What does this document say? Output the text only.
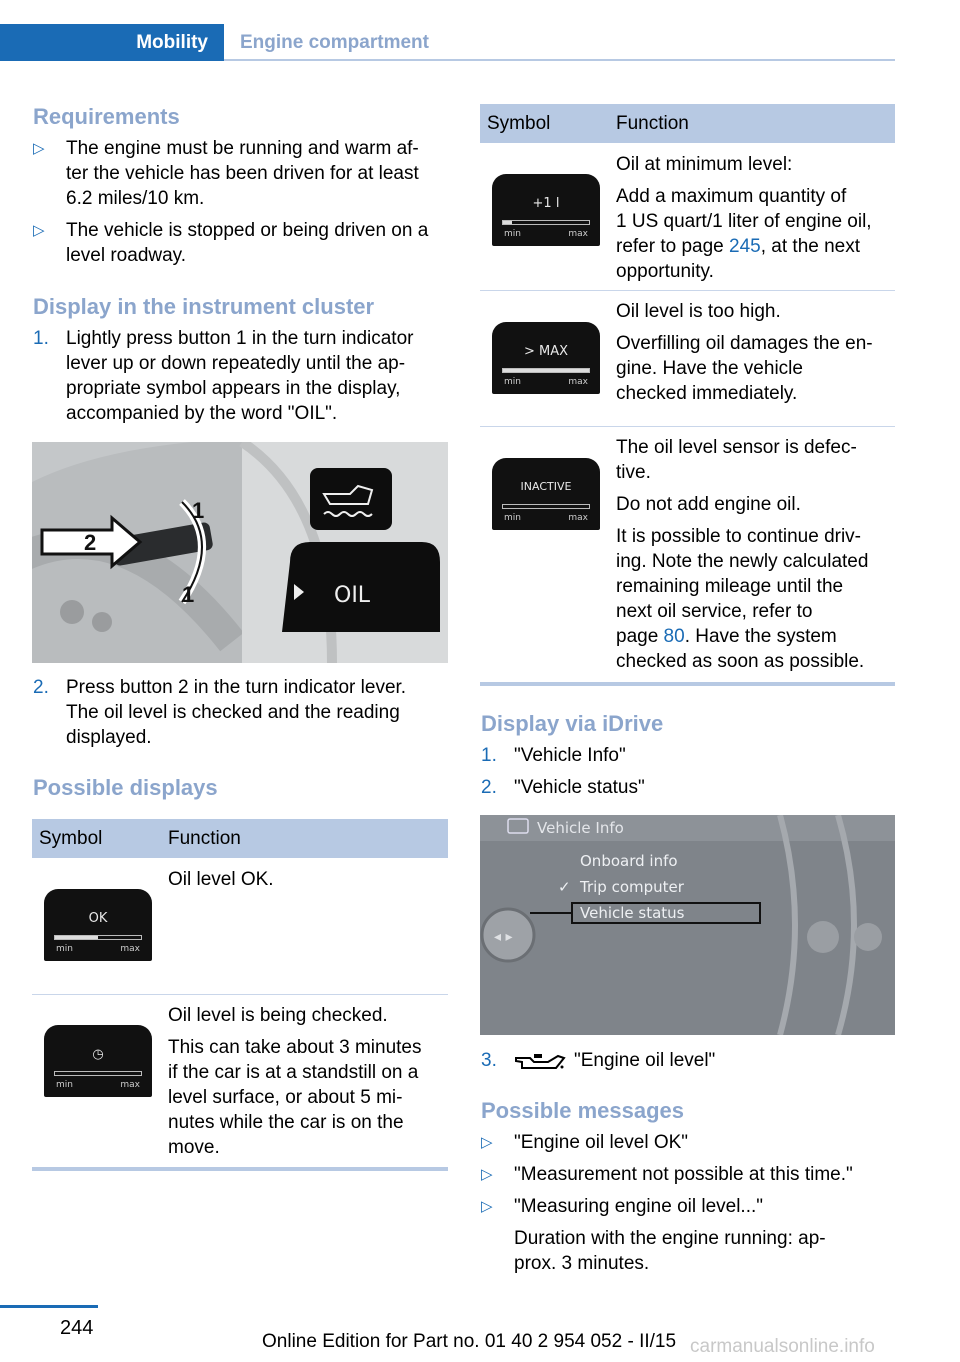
Mobility	Engine compartment
Requirements
▷ The engine must be running and warm af-
ter the vehicle has been driven for at least
6.2 miles/10 km.
▷ The vehicle is stopped or being driven on a
level roadway.
Display in the instrument cluster
1. Lightly press button 1 in the turn indicator
lever up or down repeatedly until the ap-
propriate symbol appears in the display,
accompanied by the word "OIL".
2
1
1	OIL
2. Press button 2 in the turn indicator lever.
The oil level is checked and the reading
displayed.
Possible displays
Symbol	Function
OK
min	max

Oil level OK.

◷
min	max

Oil level is being checked.

This can take about 3 minutes
if the car is at a standstill on a
level surface, or about 5 mi-
nutes while the car is on the
move.

Symbol	Function
+1 l
min	max

Oil at minimum level:

Add a maximum quantity of
1 US quart/1 liter of engine oil,
refer to page 245, at the next
opportunity.

> MAX
min	max

Oil level is too high.

Overfilling oil damages the en-
gine. Have the vehicle
checked immediately.

INACTIVE
min	max

The oil level sensor is defec-
tive.

Do not add engine oil.

It is possible to continue driv-
ing. Note the newly calculated
remaining mileage until the
next oil service, refer to
page 80. Have the system
checked as soon as possible.

Display via iDrive
1. "Vehicle Info"
2. "Vehicle status"
Vehicle Info
Onboard info
✓ Trip computer
Vehicle status
◂ ▸
3.	"Engine oil level"
Possible messages
▷ "Engine oil level OK"
▷ "Measurement not possible at this time."
▷ "Measuring engine oil level..."
Duration with the engine running: ap-
prox. 3 minutes.
244
Online Edition for Part no. 01 40 2 954 052 - II/15 carmanualsonline.info
